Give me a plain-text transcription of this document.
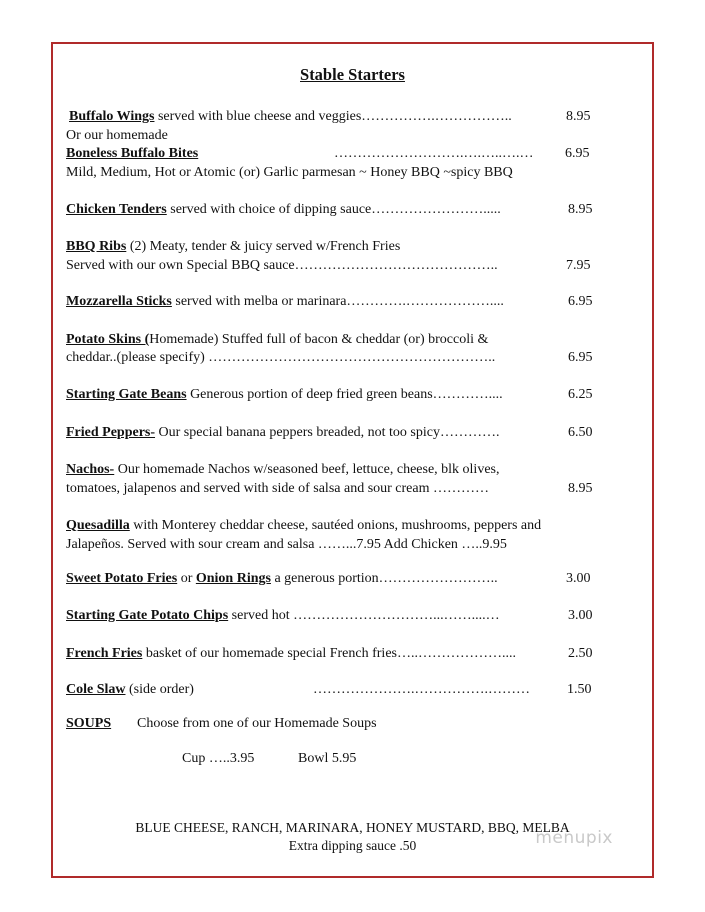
Stable Starters
Buffalo Wings served with blue cheese and veggies…………….……………..	8.95
Or our homemade
Boneless Buffalo Bites	……………………….….…..….…	6.95
Mild, Medium, Hot or Atomic (or) Garlic parmesan ~ Honey BBQ ~spicy BBQ
Chicken Tenders served with choice of dipping sauce…………………….....	8.95
BBQ Ribs (2) Meaty, tender & juicy served w/French Fries
Served with our own Special BBQ sauce……………………………………..	7.95
Mozzarella Sticks served with melba or marinara………….………………....	6.95
Potato Skins (Homemade) Stuffed full of bacon & cheddar (or) broccoli &
cheddar..(please specify) ……………………………………………………..	6.95
Starting Gate Beans Generous portion of deep fried green beans…………....	6.25
Fried Peppers- Our special banana peppers breaded, not too spicy………….	6.50
Nachos- Our homemade Nachos w/seasoned beef, lettuce, cheese, blk olives,
tomatoes, jalapenos and served with side of salsa and sour cream …………	8.95
Quesadilla with Monterey cheddar cheese, sautéed onions, mushrooms, peppers and
Jalapeños. Served with sour cream and salsa ……...7.95 Add Chicken …..9.95
Sweet Potato Fries or Onion Rings a generous portion……………………..	3.00
Starting Gate Potato Chips served hot …………………………...……....…	3.00
French Fries basket of our homemade special French fries…..………………....	2.50
Cole Slaw (side order)	………………….…………….………	1.50
SOUPS	Choose from one of our Homemade Soups
Cup …..3.95	Bowl 5.95
BLUE CHEESE, RANCH, MARINARA, HONEY MUSTARD, BBQ, MELBA
Extra dipping sauce .50	menupix
